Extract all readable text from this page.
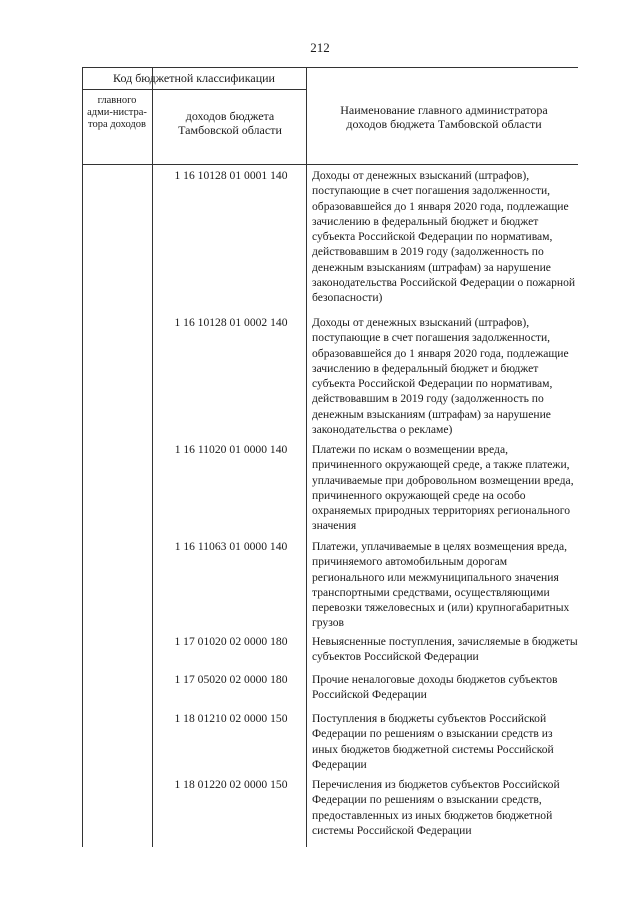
212
Код бюджетной классификации
главного адми-нистра-тора доходов
доходов бюджета Тамбовской области
Наименование главного администратора доходов бюджета Тамбовской области
1 16 10128 01 0001 140	Доходы от денежных взысканий (штрафов), поступающие в счет погашения задолженности, образовавшейся до 1 января 2020 года, подлежащие зачислению в федеральный бюджет и бюджет субъекта Российской Федерации по нормативам, действовавшим в 2019 году (задолженность по денежным взысканиям (штрафам) за нарушение законодательства Российской Федерации о пожарной безопасности)
1 16 10128 01 0002 140	Доходы от денежных взысканий (штрафов), поступающие в счет погашения задолженности, образовавшейся до 1 января 2020 года, подлежащие зачислению в федеральный бюджет и бюджет субъекта Российской Федерации по нормативам, действовавшим в 2019 году (задолженность по денежным взысканиям (штрафам) за нарушение законодательства о рекламе)
1 16 11020 01 0000 140	Платежи по искам о возмещении вреда, причиненного окружающей среде, а также платежи, уплачиваемые при добровольном возмещении вреда, причиненного окружающей среде на особо охраняемых природных территориях регионального значения
1 16 11063 01 0000 140	Платежи, уплачиваемые в целях возмещения вреда, причиняемого автомобильным дорогам регионального или межмуниципального значения транспортными средствами, осуществляющими перевозки тяжеловесных и (или) крупногабаритных грузов
1 17 01020 02 0000 180	Невыясненные поступления, зачисляемые в бюджеты субъектов Российской Федерации
1 17 05020 02 0000 180	Прочие неналоговые доходы бюджетов субъектов Российской Федерации
1 18 01210 02 0000 150	Поступления в бюджеты субъектов Российской Федерации по решениям о взыскании средств из иных бюджетов бюджетной системы Российской Федерации
1 18 01220 02 0000 150	Перечисления из бюджетов субъектов Российской Федерации по решениям о взыскании средств, предоставленных из иных бюджетов бюджетной системы Российской Федерации
